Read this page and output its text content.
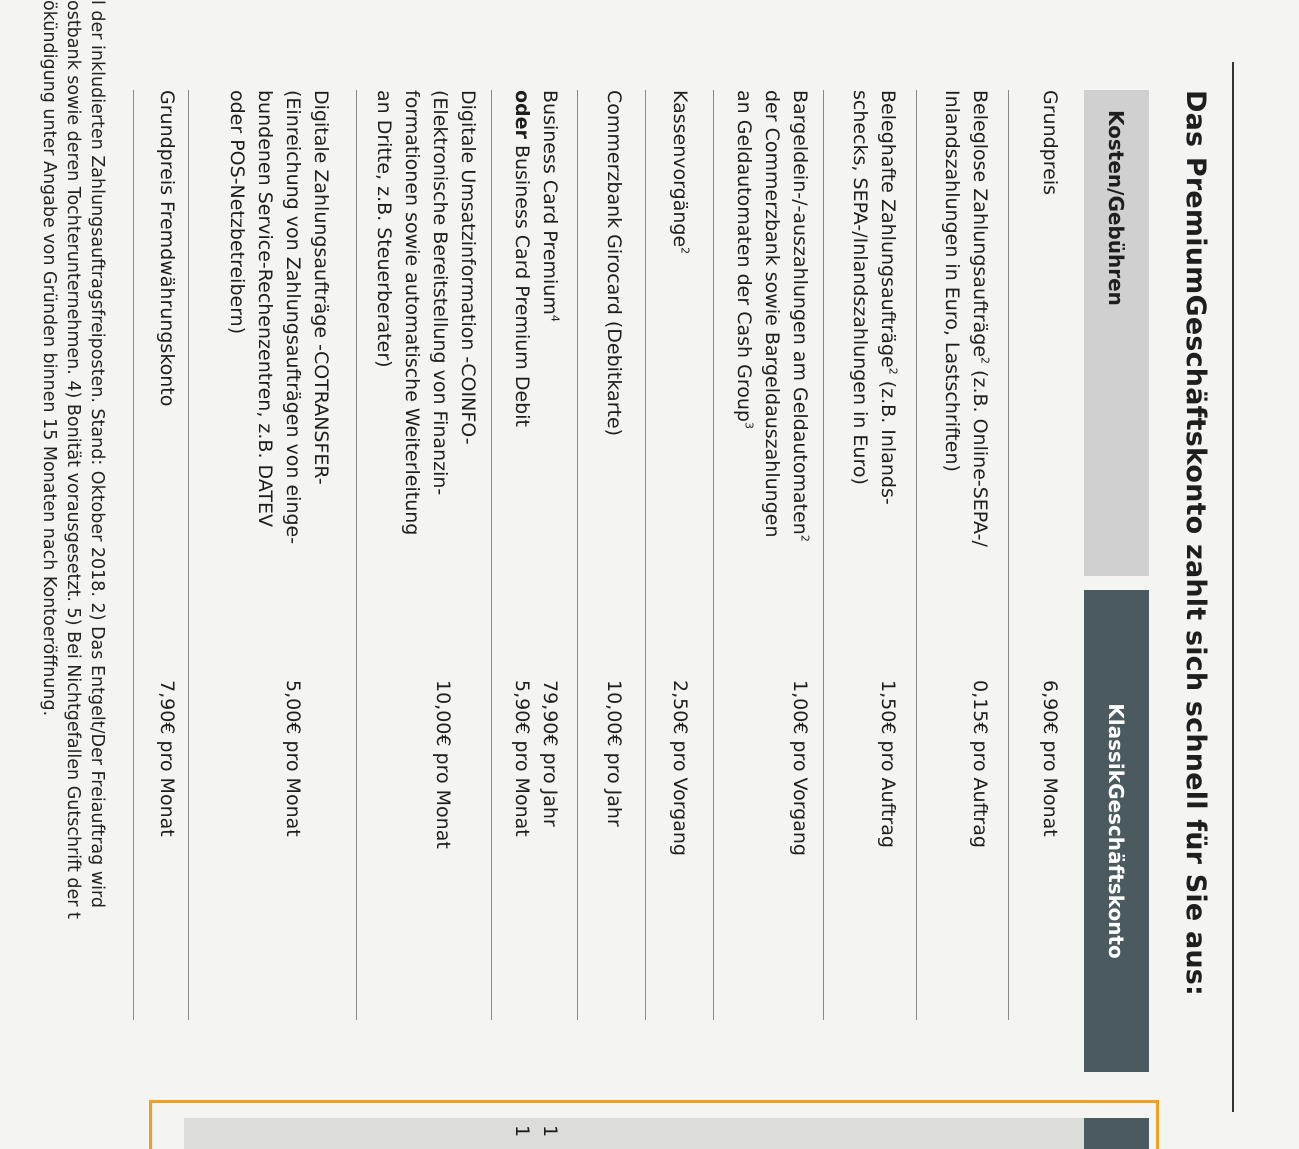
Das PremiumGeschäftskonto zahlt sich schnell für Sie aus:
Kosten/Gebühren
KlassikGeschäftskonto
Grundpreis
6,90€ pro Monat
Beleglose Zahlungsaufträge$^2$ (z.B. Online-SEPA-/
Inlandszahlungen in Euro, Lastschriften)
0,15€ pro Auftrag
Beleghafte Zahlungsaufträge$^2$ (z.B. Inlands-
schecks, SEPA-/Inlandszahlungen in Euro)
1,50€ pro Auftrag
Bargeldein-/-auszahlungen am Geldautomaten$^2$
der Commerzbank sowie Bargeldauszahlungen
an Geldautomaten der Cash Group$^3$
1,00€ pro Vorgang
Kassenvorgänge$^2$
2,50€ pro Vorgang
Commerzbank Girocard (Debitkarte)
10,00€ pro Jahr
Business Card Premium$^4$
oder Business Card Premium Debit
79,90€ pro Jahr
5,90€ pro Monat
Digitale Umsatzinformation -COINFO-
(Elektronische Bereitstellung von Finanzin-
formationen sowie automatische Weiterleitung
an Dritte, z.B. Steuerberater)
10,00€ pro Monat
Digitale Zahlungsaufträge -COTRANSFER-
(Einreichung von Zahlungsaufträgen von einge-
bundenen Service-Rechenzentren, z.B. DATEV
oder POS-Netzbetreibern)
5,00€ pro Monat
l der inkludierten Zahlungsauftragsfreiposten. Stand: Oktober 2018. 2) Das Entgelt/Der Freiauftrag wird
ostbank sowie deren Tochterunternehmen. 4) Bonität vorausgesetzt. 5) Bei Nichtgefallen Gutschrift der t
ökündigung unter Angabe von Gründen binnen 15 Monaten nach Kontoeröffnung.	Grundpreis Fremdwährungskonto
7,90€ pro Monat
1
1
